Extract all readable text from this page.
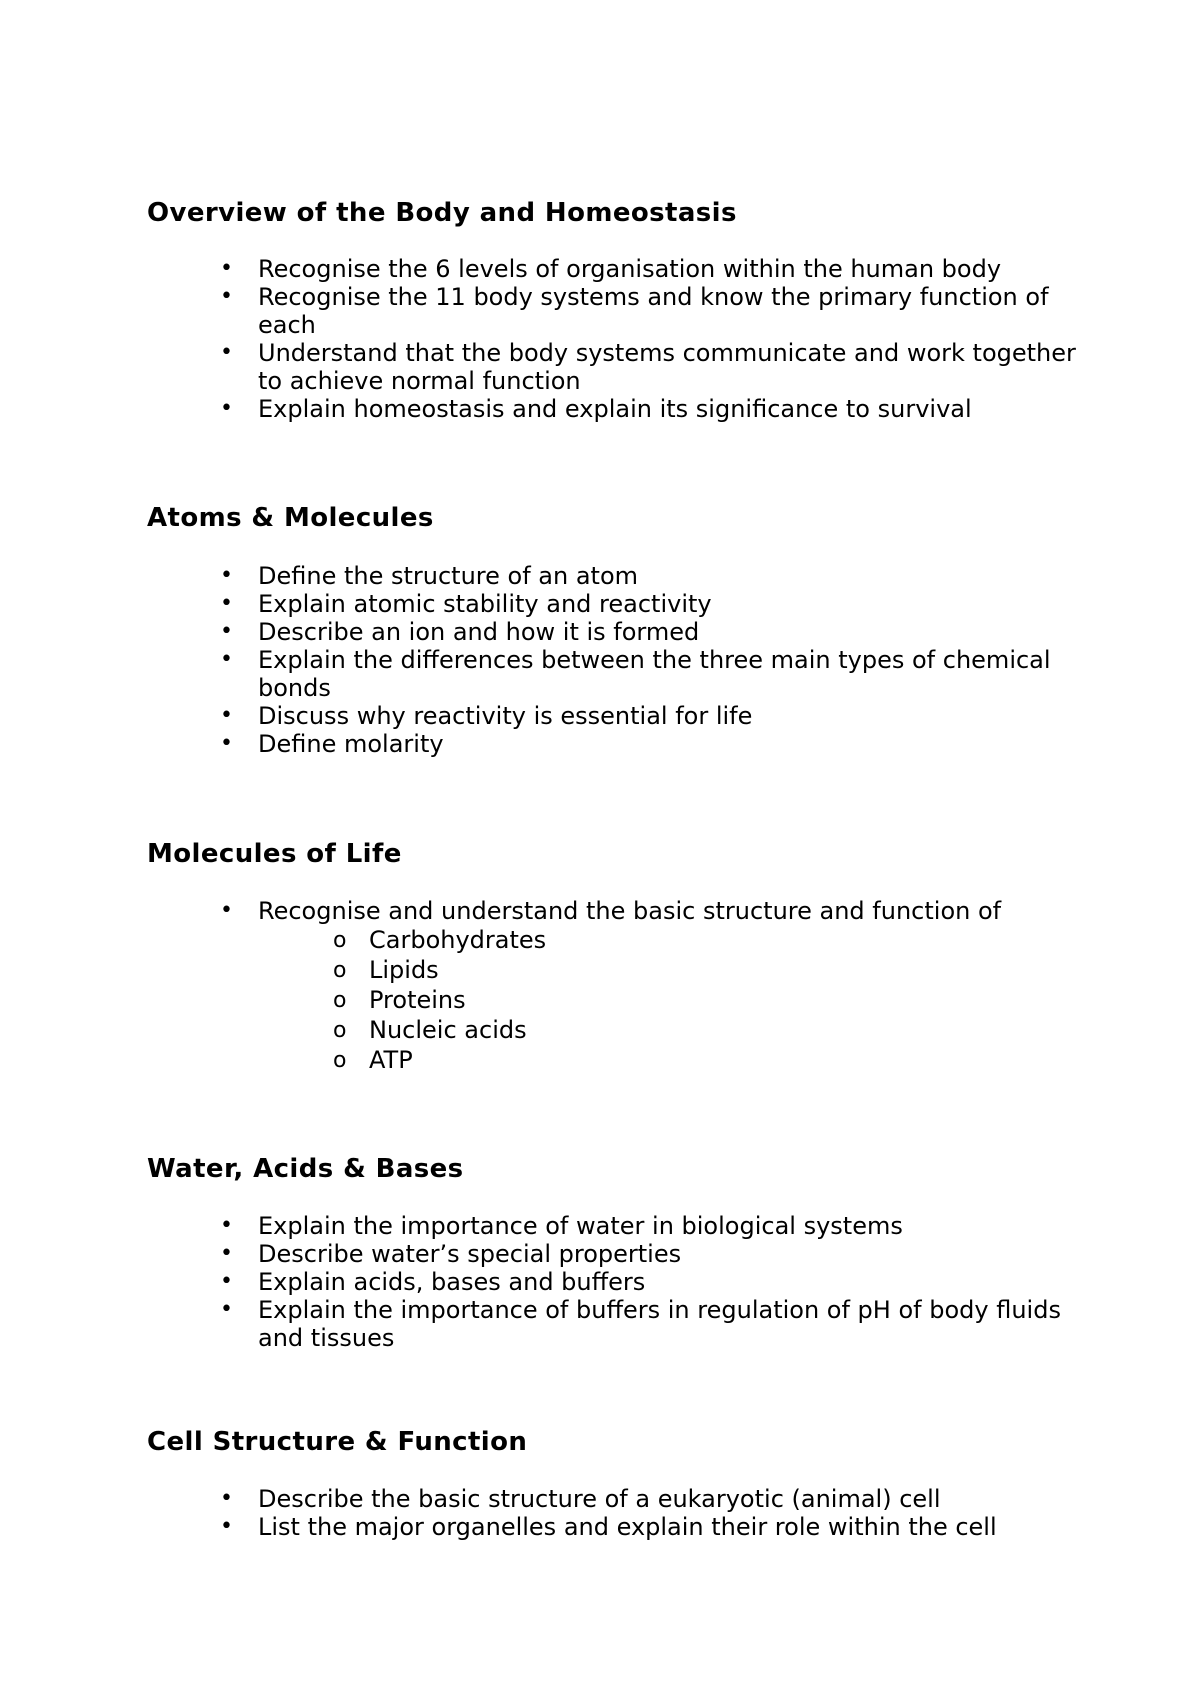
Overview of the Body and Homeostasis
• Recognise the 6 levels of organisation within the human body
• Recognise the 11 body systems and know the primary function of each
• Understand that the body systems communicate and work together to achieve normal function
• Explain homeostasis and explain its significance to survival
Atoms & Molecules
• Define the structure of an atom
• Explain atomic stability and reactivity
• Describe an ion and how it is formed
• Explain the differences between the three main types of chemical bonds
• Discuss why reactivity is essential for life
• Define molarity
Molecules of Life
• Recognise and understand the basic structure and function of
o Carbohydrates
o Lipids
o Proteins
o Nucleic acids
o ATP
Water, Acids & Bases
• Explain the importance of water in biological systems
• Describe water’s special properties
• Explain acids, bases and buffers
• Explain the importance of buffers in regulation of pH of body fluids and tissues
Cell Structure & Function
• Describe the basic structure of a eukaryotic (animal) cell
• List the major organelles and explain their role within the cell
